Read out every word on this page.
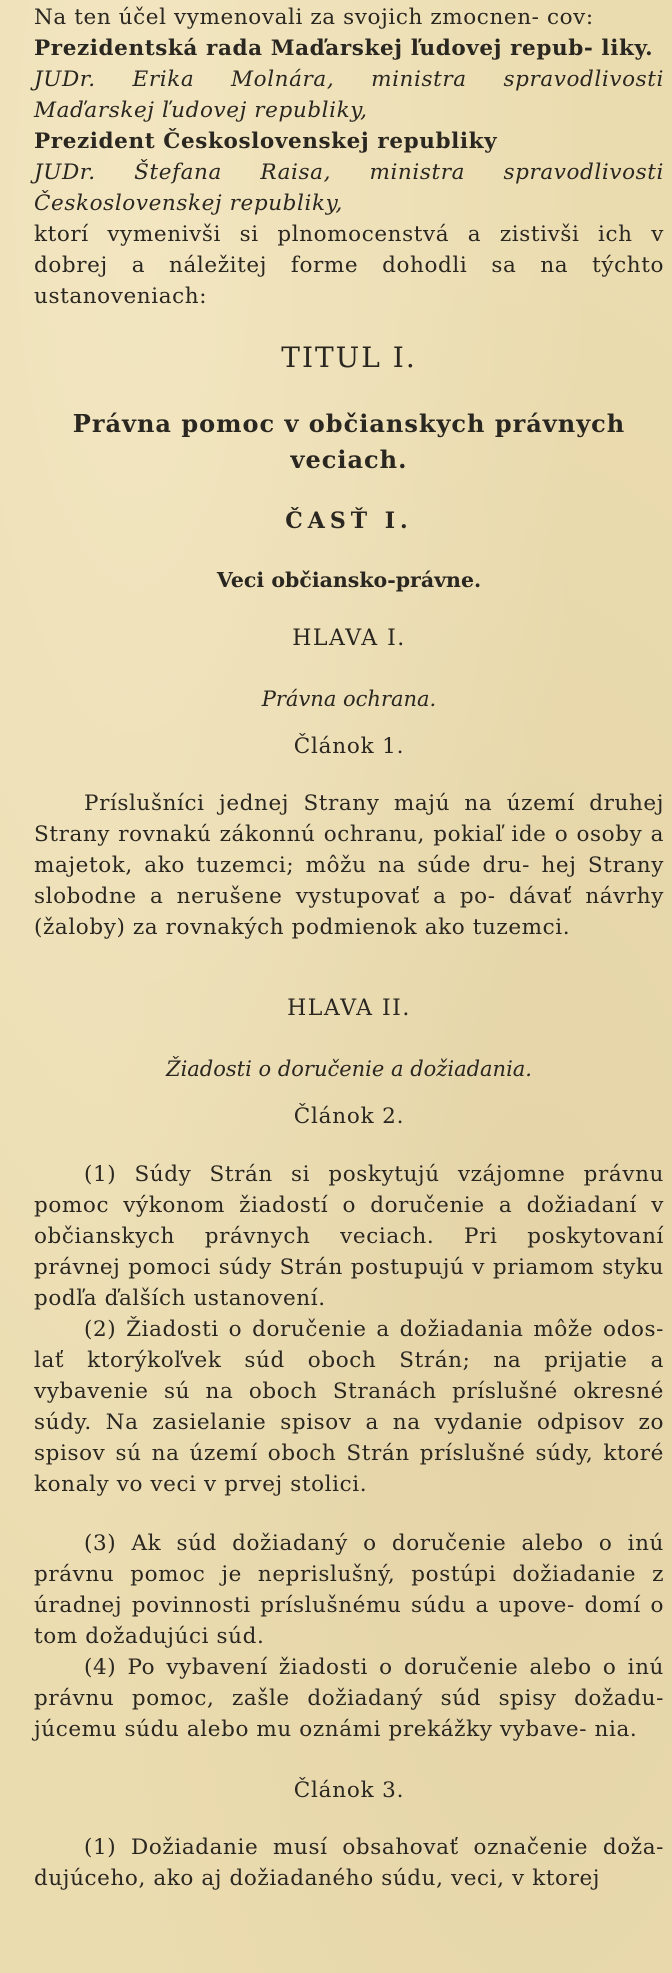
Na ten účel vymenovali za svojich zmocnen- cov:

Prezidentská rada Maďarskej ľudovej repub- liky.

JUDr. Erika Molnára, ministra spravodlivosti Maďarskej ľudovej republiky,

Prezident Československej republiky

JUDr. Štefana Raisa, ministra spravodlivosti Československej republiky,

ktorí vymenivši si plnomocenstvá a zistivši ich v dobrej a náležitej forme dohodli sa na týchto ustanoveniach:

TITUL I.

Právna pomoc v občianskych právnych veciach.

ČASŤ I.

Veci občiansko-právne.

HLAVA I.

Právna ochrana.

Článok 1.

Príslušníci jednej Strany majú na území druhej Strany rovnakú zákonnú ochranu, pokiaľ ide o osoby a majetok, ako tuzemci; môžu na súde dru- hej Strany slobodne a nerušene vystupovať a po- dávať návrhy (žaloby) za rovnakých podmienok ako tuzemci.

HLAVA II.

Žiadosti o doručenie a dožiadania.

Článok 2.

(1) Súdy Strán si poskytujú vzájomne právnu pomoc výkonom žiadostí o doručenie a dožiadaní v občianskych právnych veciach. Pri poskytovaní právnej pomoci súdy Strán postupujú v priamom styku podľa ďalších ustanovení.

(2) Žiadosti o doručenie a dožiadania môže odos- lať ktorýkoľvek súd oboch Strán; na prijatie a vybavenie sú na oboch Stranách príslušné okresné súdy. Na zasielanie spisov a na vydanie odpisov zo spisov sú na území oboch Strán príslušné súdy, ktoré konaly vo veci v prvej stolici.

(3) Ak súd dožiadaný o doručenie alebo o inú právnu pomoc je neprislušný, postúpi dožiadanie z úradnej povinnosti príslušnému súdu a upove- domí o tom dožadujúci súd.

(4) Po vybavení žiadosti o doručenie alebo o inú právnu pomoc, zašle dožiadaný súd spisy dožadu- júcemu súdu alebo mu oznámi prekážky vybave- nia.

Článok 3.

(1) Dožiadanie musí obsahovať označenie doža- dujúceho, ako aj dožiadaného súdu, veci, v ktorej
